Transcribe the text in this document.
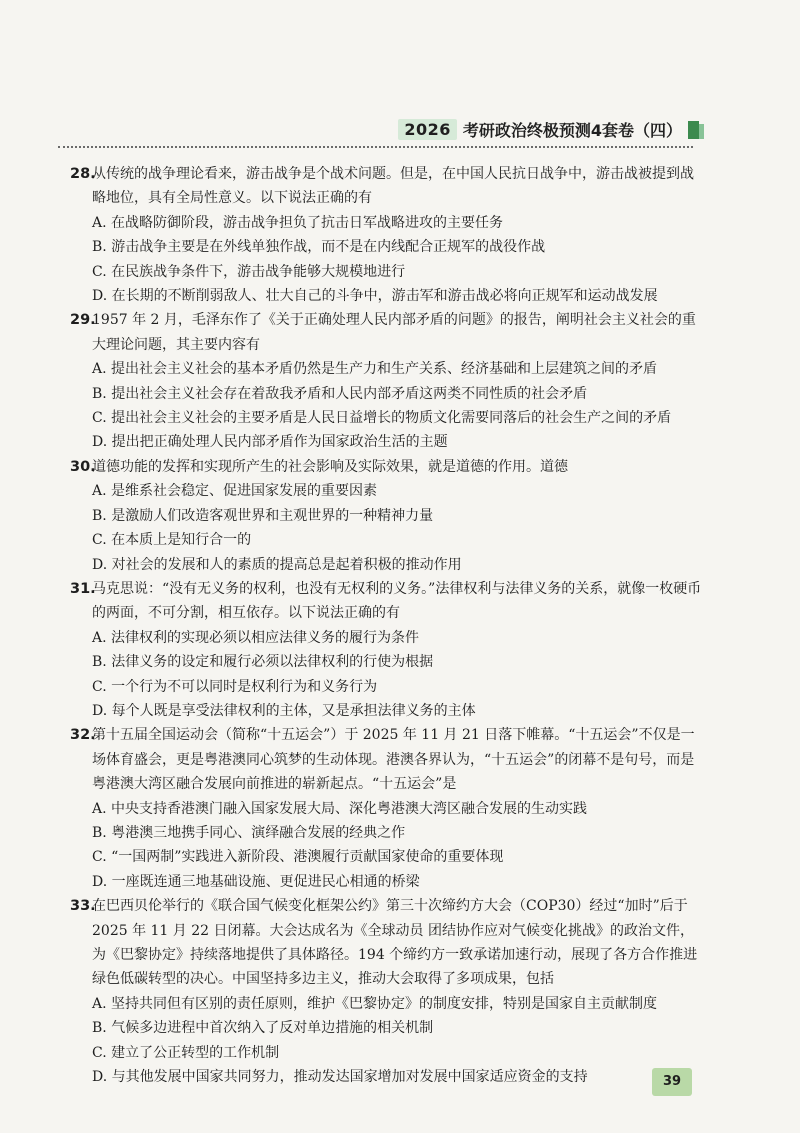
2026 考研政治终极预测4套卷（四）
28.
从传统的战争理论看来，游击战争是个战术问题。但是，在中国人民抗日战争中，游击战被提到战略地位，具有全局性意义。以下说法正确的有
A. 在战略防御阶段，游击战争担负了抗击日军战略进攻的主要任务
B. 游击战争主要是在外线单独作战，而不是在内线配合正规军的战役作战
C. 在民族战争条件下，游击战争能够大规模地进行
D. 在长期的不断削弱敌人、壮大自己的斗争中，游击军和游击战必将向正规军和运动战发展
29.
1957 年 2 月，毛泽东作了《关于正确处理人民内部矛盾的问题》的报告，阐明社会主义社会的重大理论问题，其主要内容有
A. 提出社会主义社会的基本矛盾仍然是生产力和生产关系、经济基础和上层建筑之间的矛盾
B. 提出社会主义社会存在着敌我矛盾和人民内部矛盾这两类不同性质的社会矛盾
C. 提出社会主义社会的主要矛盾是人民日益增长的物质文化需要同落后的社会生产之间的矛盾
D. 提出把正确处理人民内部矛盾作为国家政治生活的主题
30.
道德功能的发挥和实现所产生的社会影响及实际效果，就是道德的作用。道德
A. 是维系社会稳定、促进国家发展的重要因素
B. 是激励人们改造客观世界和主观世界的一种精神力量
C. 在本质上是知行合一的
D. 对社会的发展和人的素质的提高总是起着积极的推动作用
31.
马克思说：“没有无义务的权利，也没有无权利的义务。”法律权利与法律义务的关系，就像一枚硬币的两面，不可分割，相互依存。以下说法正确的有
A. 法律权利的实现必须以相应法律义务的履行为条件
B. 法律义务的设定和履行必须以法律权利的行使为根据
C. 一个行为不可以同时是权利行为和义务行为
D. 每个人既是享受法律权利的主体，又是承担法律义务的主体
32.
第十五届全国运动会（简称“十五运会”）于 2025 年 11 月 21 日落下帷幕。“十五运会”不仅是一场体育盛会，更是粤港澳同心筑梦的生动体现。港澳各界认为，“十五运会”的闭幕不是句号，而是粤港澳大湾区融合发展向前推进的崭新起点。“十五运会”是
A. 中央支持香港澳门融入国家发展大局、深化粤港澳大湾区融合发展的生动实践
B. 粤港澳三地携手同心、演绎融合发展的经典之作
C. “一国两制”实践进入新阶段、港澳履行贡献国家使命的重要体现
D. 一座既连通三地基础设施、更促进民心相通的桥梁
33.
在巴西贝伦举行的《联合国气候变化框架公约》第三十次缔约方大会（COP30）经过“加时”后于 2025 年 11 月 22 日闭幕。大会达成名为《全球动员 团结协作应对气候变化挑战》的政治文件，为《巴黎协定》持续落地提供了具体路径。194 个缔约方一致承诺加速行动，展现了各方合作推进绿色低碳转型的决心。中国坚持多边主义，推动大会取得了多项成果，包括
A. 坚持共同但有区别的责任原则，维护《巴黎协定》的制度安排，特别是国家自主贡献制度
B. 气候多边进程中首次纳入了反对单边措施的相关机制
C. 建立了公正转型的工作机制
D. 与其他发展中国家共同努力，推动发达国家增加对发展中国家适应资金的支持	39
